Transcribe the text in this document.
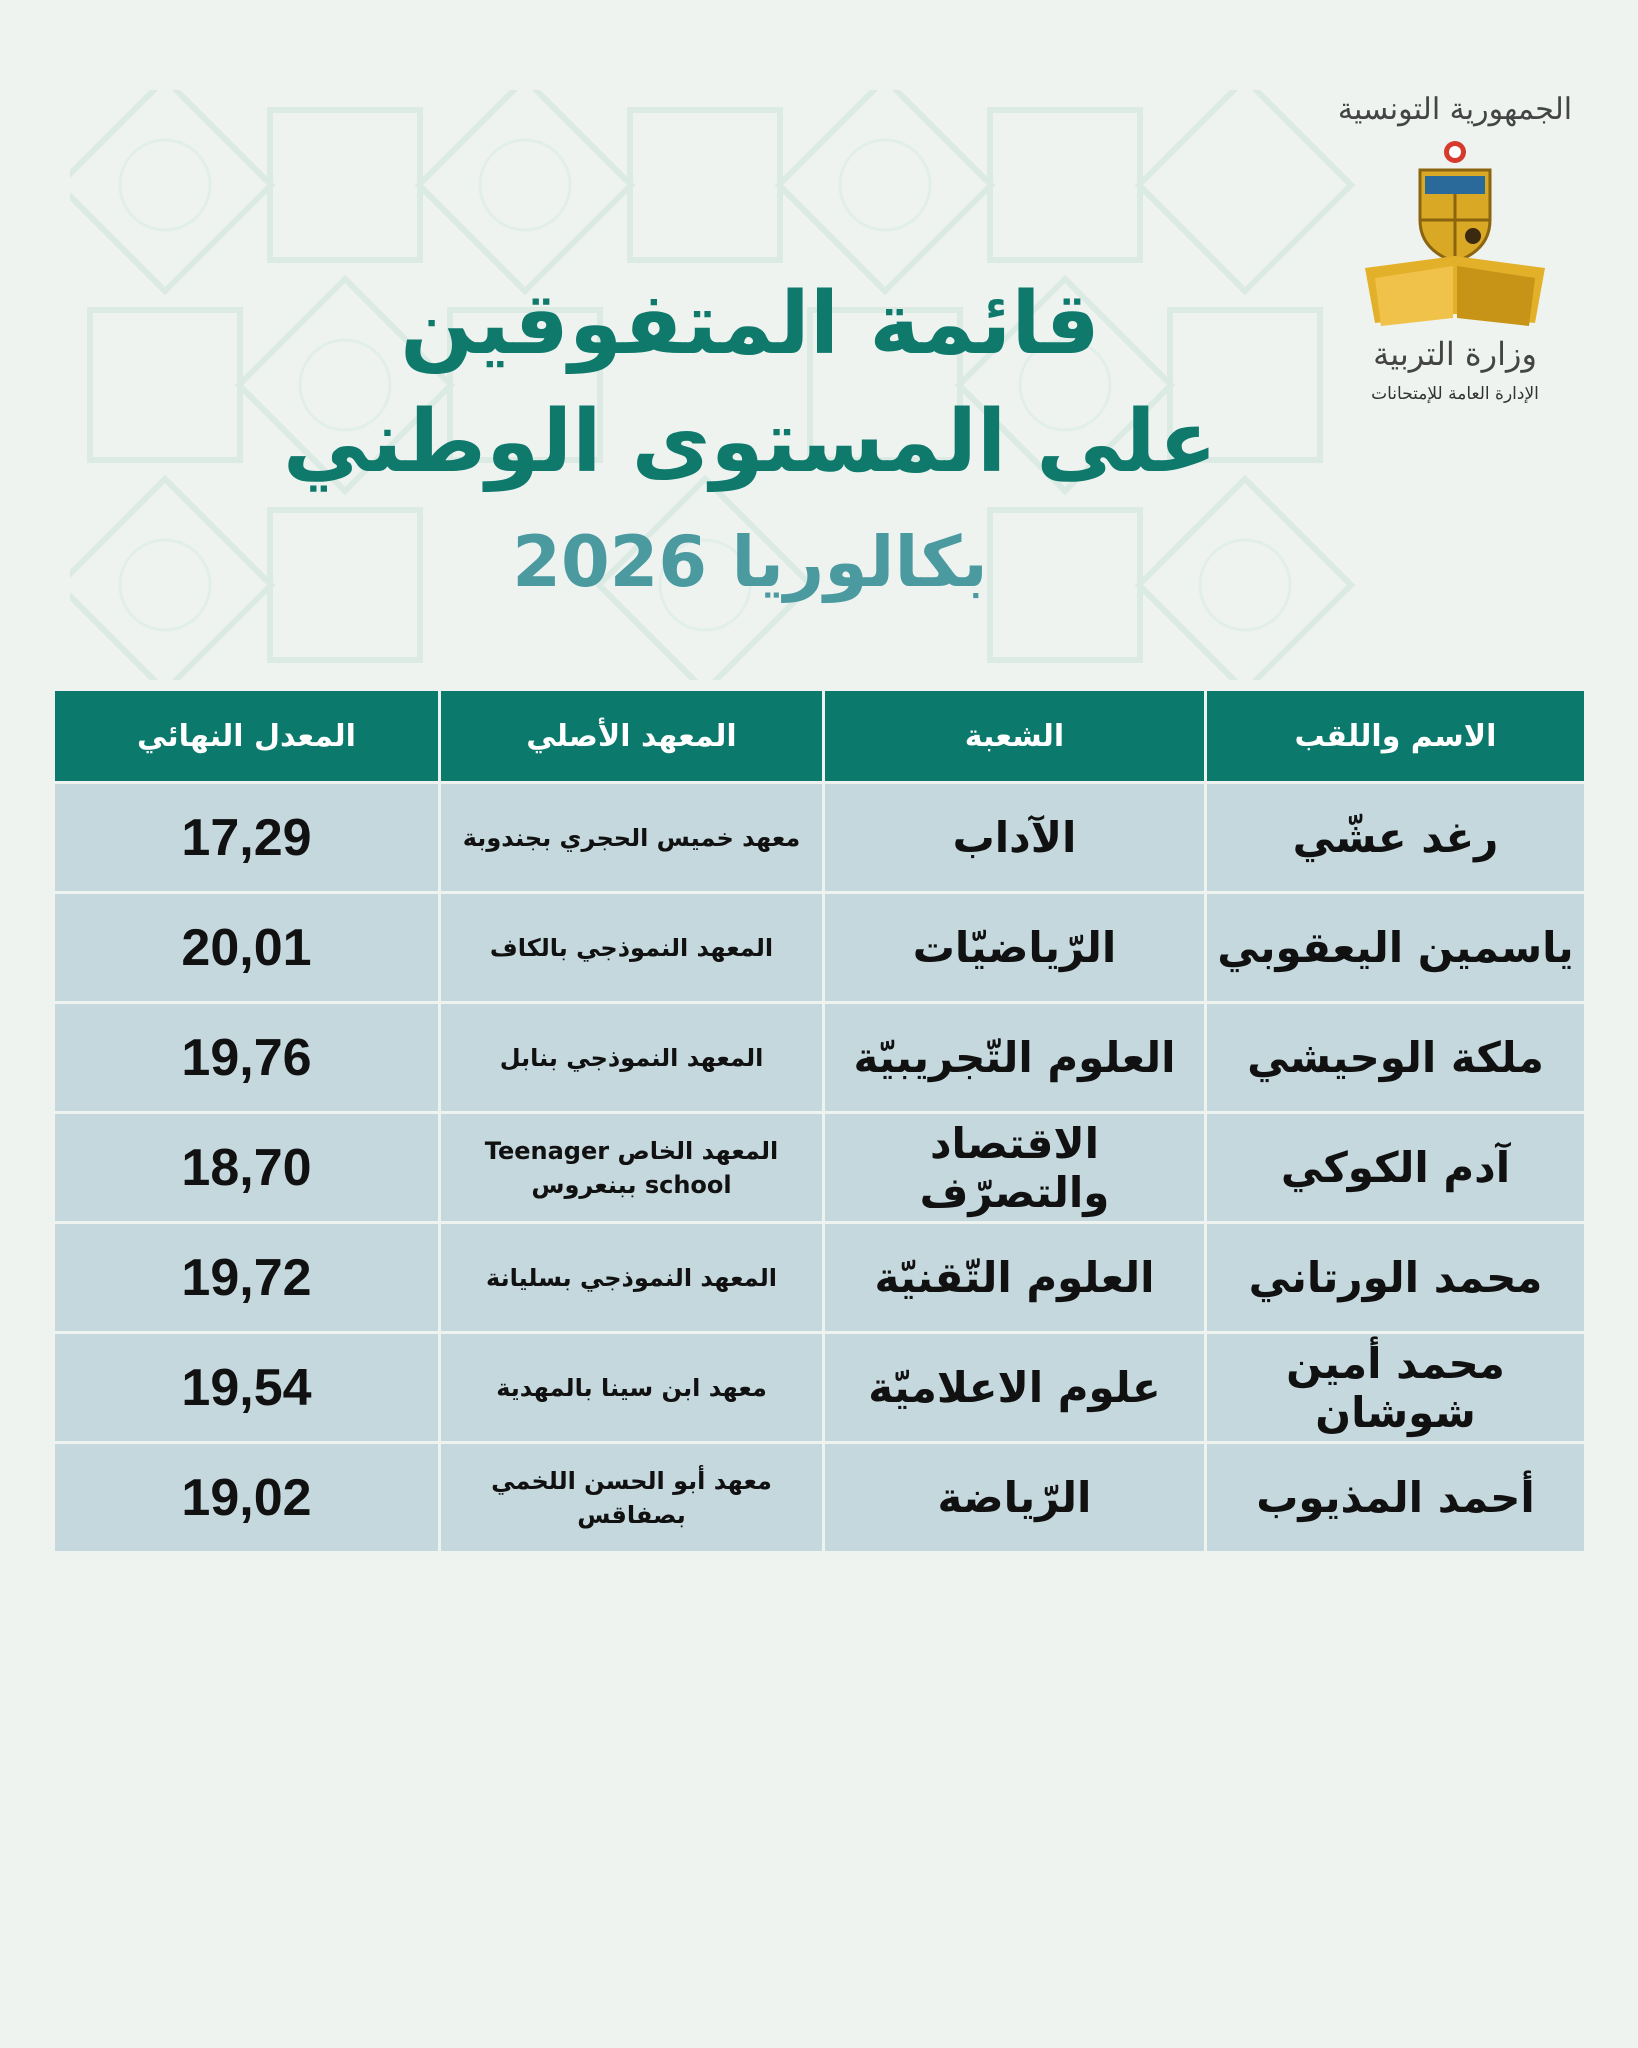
الجمهورية التونسية

وزارة التربية
الإدارة العامة للإمتحانات

قائمة المتفوقين

على المستوى الوطني

بكالوريا 2026

الاسم واللقب	الشعبة	المعهد الأصلي	المعدل النهائي
رغد عشّي	الآداب	معهد خميس الحجري بجندوبة	17,29
ياسمين اليعقوبي	الرّياضيّات	المعهد النموذجي بالكاف	20,01
ملكة الوحيشي	العلوم التّجريبيّة	المعهد النموذجي بنابل	19,76
آدم الكوكي	الاقتصاد والتصرّف	المعهد الخاص Teenager school ببنعروس	18,70
محمد الورتاني	العلوم التّقنيّة	المعهد النموذجي بسليانة	19,72
محمد أمين شوشان	علوم الاعلاميّة	معهد ابن سينا بالمهدية	19,54
أحمد المذيوب	الرّياضة	معهد أبو الحسن اللخمي بصفاقس	19,02
